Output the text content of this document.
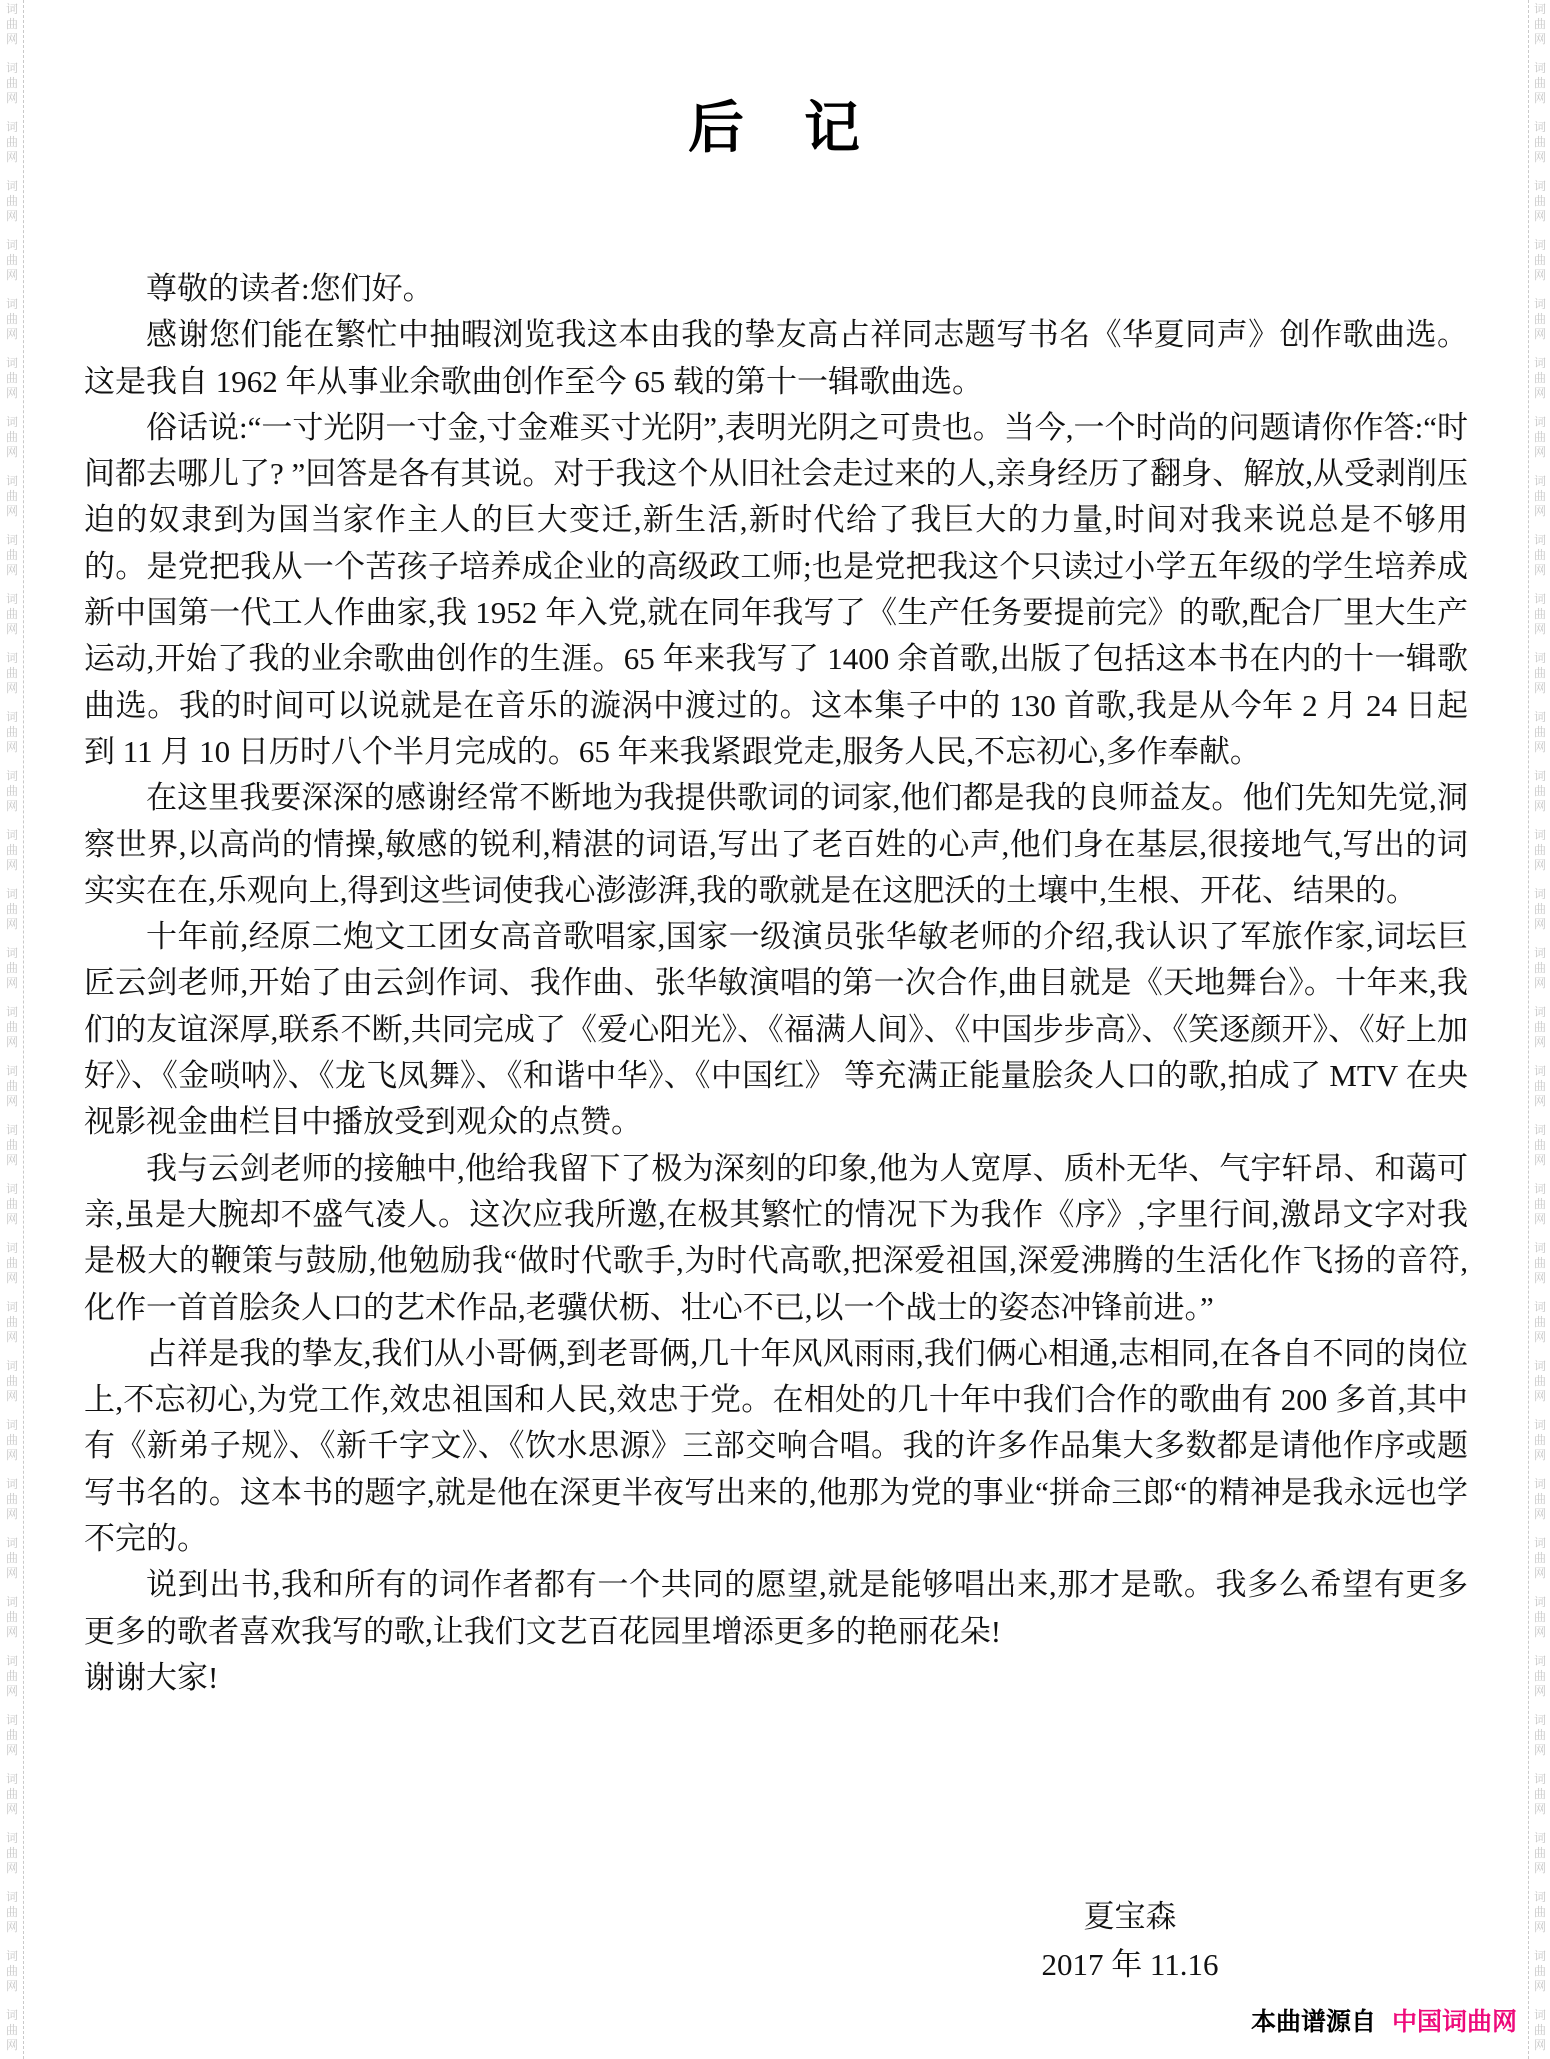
词
曲
网
词
曲
网
词
曲
网
词
曲
网
词
曲
网
词
曲
网
词
曲
网
词
曲
网
词
曲
网
词
曲
网
词
曲
网
词
曲
网
词
曲
网
词
曲
网
词
曲
网
词
曲
网
词
曲
网
词
曲
网
词
曲
网
词
曲
网
词
曲
网
词
曲
网
词
曲
网
词
曲
网
词
曲
网
词
曲
网
词
曲
网
词
曲
网
词
曲
网
词
曲
网
词
曲
网
词
曲
网
词
曲
网
词
曲
网
词
曲
网
词
曲
网
词
曲
网
词
曲
网
词
曲
网
词
曲
网
词
曲
网
词
曲
网
词
曲
网
词
曲
网
词
曲
网
词
曲
网
词
曲
网
词
曲
网
词
曲
网
词
曲
网
词
曲
网
词
曲
网
词
曲
网
词
曲
网
词
曲
网
词
曲
网
词
曲
网
词
曲
网
词
曲
网
词
曲
网
词
曲
网
词
曲
网
词
曲
网
词
曲
网
词
曲
网
词
曲
网
词
曲
网
词
曲
网
词
曲
网
词
曲
网
后　记

尊敬的读者:您们好。

感谢您们能在繁忙中抽暇浏览我这本由我的挚友高占祥同志题写书名《华夏同声》创作歌曲选。这是我自 1962 年从事业余歌曲创作至今 65 载的第十一辑歌曲选。

俗话说:“一寸光阴一寸金,寸金难买寸光阴”,表明光阴之可贵也。当今,一个时尚的问题请你作答:“时间都去哪儿了? ”回答是各有其说。对于我这个从旧社会走过来的人,亲身经历了翻身、解放,从受剥削压迫的奴隶到为国当家作主人的巨大变迁,新生活,新时代给了我巨大的力量,时间对我来说总是不够用的。是党把我从一个苦孩子培养成企业的高级政工师;也是党把我这个只读过小学五年级的学生培养成新中国第一代工人作曲家,我 1952 年入党,就在同年我写了《生产任务要提前完》的歌,配合厂里大生产运动,开始了我的业余歌曲创作的生涯。65 年来我写了 1400 余首歌,出版了包括这本书在内的十一辑歌曲选。我的时间可以说就是在音乐的漩涡中渡过的。这本集子中的 130 首歌,我是从今年 2 月 24 日起到 11 月 10 日历时八个半月完成的。65 年来我紧跟党走,服务人民,不忘初心,多作奉献。

在这里我要深深的感谢经常不断地为我提供歌词的词家,他们都是我的良师益友。他们先知先觉,洞察世界,以高尚的情操,敏感的锐利,精湛的词语,写出了老百姓的心声,他们身在基层,很接地气,写出的词实实在在,乐观向上,得到这些词使我心澎澎湃,我的歌就是在这肥沃的土壤中,生根、开花、结果的。

十年前,经原二炮文工团女高音歌唱家,国家一级演员张华敏老师的介绍,我认识了军旅作家,词坛巨匠云剑老师,开始了由云剑作词、我作曲、张华敏演唱的第一次合作,曲目就是《天地舞台》。十年来,我们的友谊深厚,联系不断,共同完成了《爱心阳光》、《福满人间》、《中国步步高》、《笑逐颜开》、《好上加好》、《金唢呐》、《龙飞凤舞》、《和谐中华》、《中国红》 等充满正能量脍灸人口的歌,拍成了 MTV 在央视影视金曲栏目中播放受到观众的点赞。

我与云剑老师的接触中,他给我留下了极为深刻的印象,他为人宽厚、质朴无华、气宇轩昂、和蔼可亲,虽是大腕却不盛气凌人。这次应我所邀,在极其繁忙的情况下为我作《序》,字里行间,激昂文字对我是极大的鞭策与鼓励,他勉励我“做时代歌手,为时代高歌,把深爱祖国,深爱沸腾的生活化作飞扬的音符,化作一首首脍灸人口的艺术作品,老骥伏枥、壮心不已,以一个战士的姿态冲锋前进。”

占祥是我的挚友,我们从小哥俩,到老哥俩,几十年风风雨雨,我们俩心相通,志相同,在各自不同的岗位上,不忘初心,为党工作,效忠祖国和人民,效忠于党。在相处的几十年中我们合作的歌曲有 200 多首,其中有《新弟子规》、《新千字文》、《饮水思源》三部交响合唱。我的许多作品集大多数都是请他作序或题写书名的。这本书的题字,就是他在深更半夜写出来的,他那为党的事业“拼命三郎“的精神是我永远也学不完的。

说到出书,我和所有的词作者都有一个共同的愿望,就是能够唱出来,那才是歌。我多么希望有更多更多的歌者喜欢我写的歌,让我们文艺百花园里增添更多的艳丽花朵!

谢谢大家!

夏宝森
2017 年 11.16
本曲谱源自 中国词曲网
